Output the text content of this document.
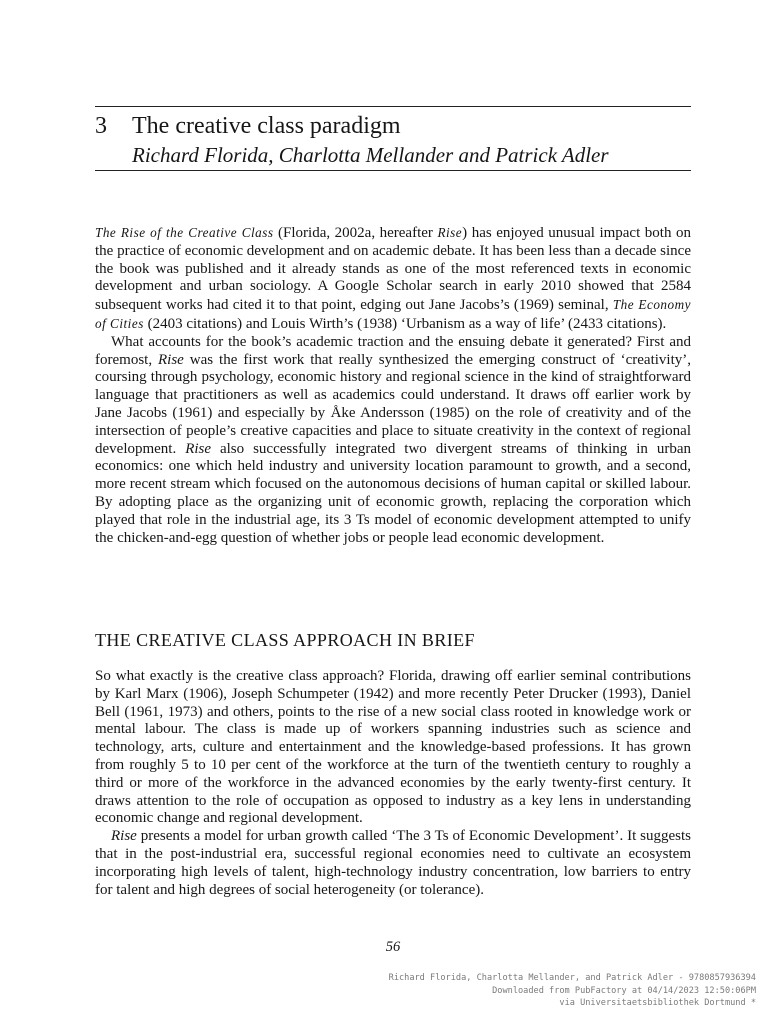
3 The creative class paradigm
Richard Florida, Charlotta Mellander and Patrick Adler

The Rise of the Creative Class (Florida, 2002a, hereafter Rise) has enjoyed unusual impact both on the practice of economic development and on academic debate. It has been less than a decade since the book was published and it already stands as one of the most referenced texts in economic development and urban sociology. A Google Scholar search in early 2010 showed that 2584 subsequent works had cited it to that point, edging out Jane Jacobs’s (1969) seminal, The Economy of Cities (2403 citations) and Louis Wirth’s (1938) ‘Urbanism as a way of life’ (2433 citations).

What accounts for the book’s academic traction and the ensuing debate it generated? First and foremost, Rise was the first work that really synthesized the emerging construct of ‘creativity’, coursing through psychology, economic history and regional science in the kind of straightforward language that practitioners as well as academics could understand. It draws off earlier work by Jane Jacobs (1961) and especially by Åke Andersson (1985) on the role of creativity and of the intersection of people’s creative capacities and place to situate creativity in the context of regional development. Rise also successfully integrated two divergent streams of thinking in urban economics: one which held industry and university location paramount to growth, and a second, more recent stream which focused on the autonomous decisions of human capital or skilled labour. By adopting place as the organizing unit of economic growth, replacing the corporation which played that role in the industrial age, its 3 Ts model of economic development attempted to unify the chicken-and-egg question of whether jobs or people lead economic development.

THE CREATIVE CLASS APPROACH IN BRIEF

So what exactly is the creative class approach? Florida, drawing off earlier seminal contributions by Karl Marx (1906), Joseph Schumpeter (1942) and more recently Peter Drucker (1993), Daniel Bell (1961, 1973) and others, points to the rise of a new social class rooted in knowledge work or mental labour. The class is made up of workers spanning industries such as science and technology, arts, culture and entertainment and the knowledge-based professions. It has grown from roughly 5 to 10 per cent of the workforce at the turn of the twentieth century to roughly a third or more of the workforce in the advanced economies by the early twenty-first century. It draws attention to the role of occupation as opposed to industry as a key lens in understanding economic change and regional development.

Rise presents a model for urban growth called ‘The 3 Ts of Economic Development’. It suggests that in the post-industrial era, successful regional economies need to cultivate an ecosystem incorporating high levels of talent, high-technology industry concentration, low barriers to entry for talent and high degrees of social heterogeneity (or tolerance).

56
Richard Florida, Charlotta Mellander, and Patrick Adler - 9780857936394
Downloaded from PubFactory at 04/14/2023 12:50:06PM
via Universitaetsbibliothek Dortmund *
